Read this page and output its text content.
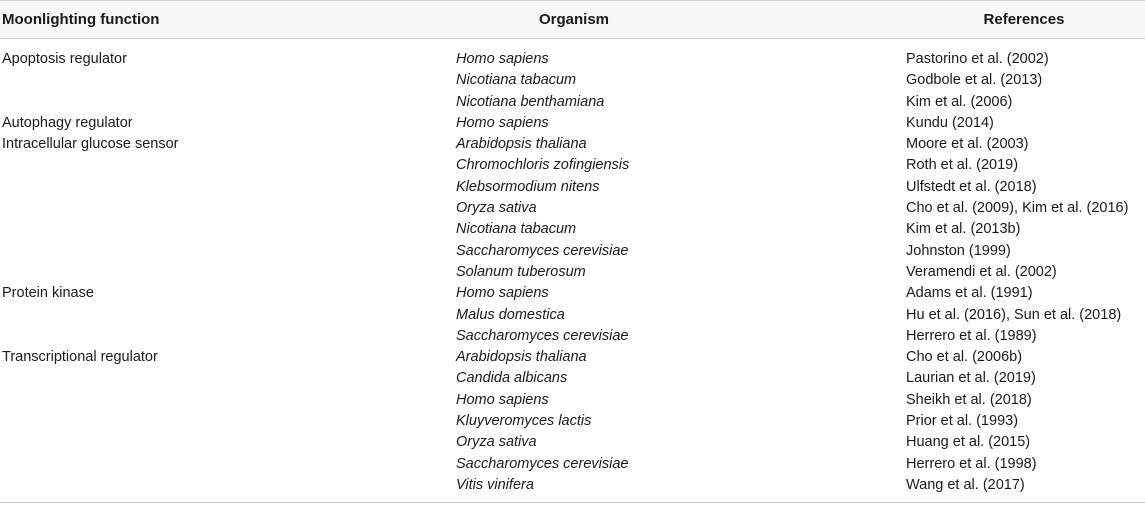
Moonlighting function	Organism	References
Apoptosis regulator	Homo sapiens	Pastorino et al. (2002)
	Nicotiana tabacum	Godbole et al. (2013)
	Nicotiana benthamiana	Kim et al. (2006)
Autophagy regulator	Homo sapiens	Kundu (2014)
Intracellular glucose sensor	Arabidopsis thaliana	Moore et al. (2003)
	Chromochloris zofingiensis	Roth et al. (2019)
	Klebsormodium nitens	Ulfstedt et al. (2018)
	Oryza sativa	Cho et al. (2009), Kim et al. (2016)
	Nicotiana tabacum	Kim et al. (2013b)
	Saccharomyces cerevisiae	Johnston (1999)
	Solanum tuberosum	Veramendi et al. (2002)
Protein kinase	Homo sapiens	Adams et al. (1991)
	Malus domestica	Hu et al. (2016), Sun et al. (2018)
	Saccharomyces cerevisiae	Herrero et al. (1989)
Transcriptional regulator	Arabidopsis thaliana	Cho et al. (2006b)
	Candida albicans	Laurian et al. (2019)
	Homo sapiens	Sheikh et al. (2018)
	Kluyveromyces lactis	Prior et al. (1993)
	Oryza sativa	Huang et al. (2015)
	Saccharomyces cerevisiae	Herrero et al. (1998)
	Vitis vinifera	Wang et al. (2017)
